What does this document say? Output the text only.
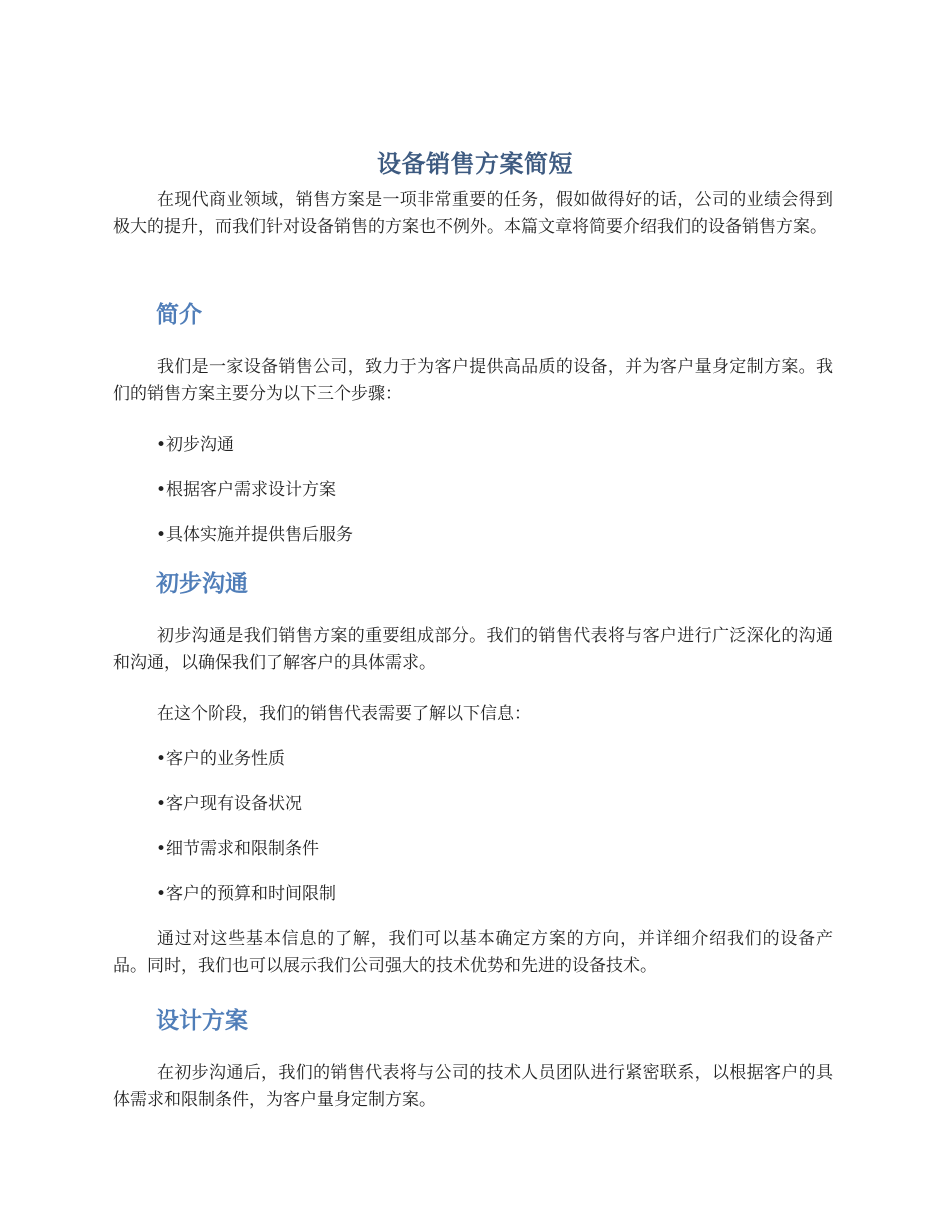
设备销售方案简短

在现代商业领域，销售方案是一项非常重要的任务，假如做得好的话，公司的业绩会得到极大的提升，而我们针对设备销售的方案也不例外。本篇文章将简要介绍我们的设备销售方案。

简介

我们是一家设备销售公司，致力于为客户提供高品质的设备，并为客户量身定制方案。我们的销售方案主要分为以下三个步骤：

•初步沟通
•根据客户需求设计方案
•具体实施并提供售后服务
初步沟通

初步沟通是我们销售方案的重要组成部分。我们的销售代表将与客户进行广泛深化的沟通和沟通，以确保我们了解客户的具体需求。

在这个阶段，我们的销售代表需要了解以下信息：

•客户的业务性质
•客户现有设备状况
•细节需求和限制条件
•客户的预算和时间限制

通过对这些基本信息的了解，我们可以基本确定方案的方向，并详细介绍我们的设备产品。同时，我们也可以展示我们公司强大的技术优势和先进的设备技术。

设计方案

在初步沟通后，我们的销售代表将与公司的技术人员团队进行紧密联系，以根据客户的具体需求和限制条件，为客户量身定制方案。
